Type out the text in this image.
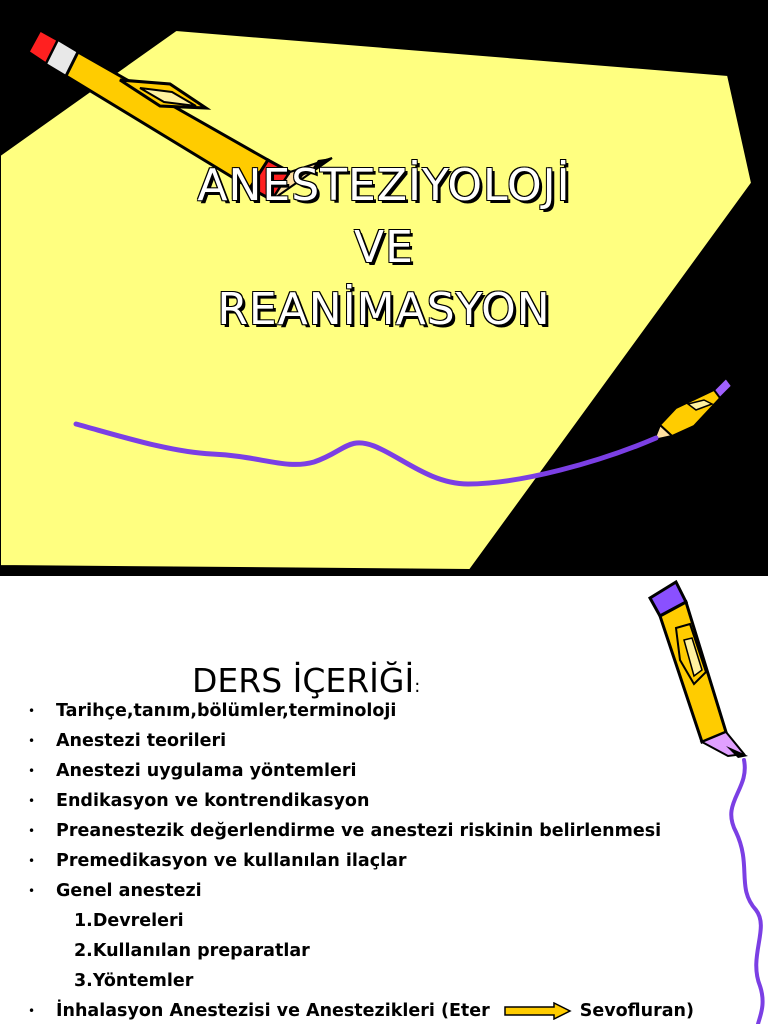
ANESTEZİYOLOJİ
VE
REANİMASYON
DERS İÇERİĞİ:
• Tarihçe,tanım,bölümler,terminoloji
• Anestezi teorileri
• Anestezi uygulama yöntemleri
• Endikasyon ve kontrendikasyon
• Preanestezik değerlendirme ve anestezi riskinin belirlenmesi
• Premedikasyon ve kullanılan ilaçlar
• Genel anestezi
1.Devreleri
2.Kullanılan preparatlar
3.Yöntemler
• İnhalasyon Anestezisi ve Anestezikleri (Eter	Sevofluran)
